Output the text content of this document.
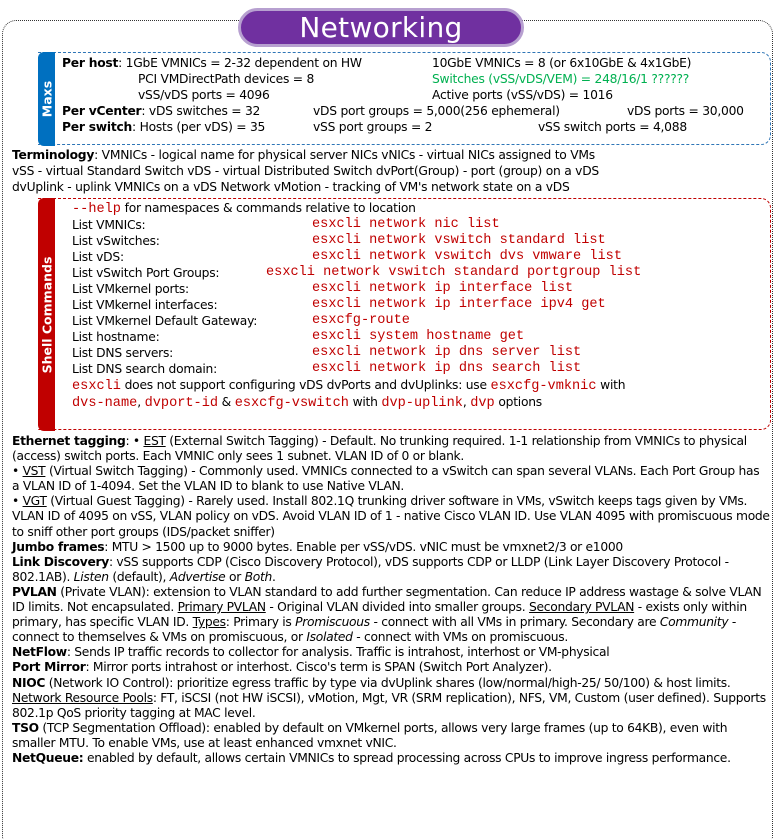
Networking
Maxs
Per host: 1GbE VMNICs = 2-32 dependent on HW	10GbE VMNICs = 8 (or 6x10GbE & 4x1GbE)
PCI VMDirectPath devices = 8	Switches (vSS/vDS/VEM) = 248/16/1 ??????
vSS/vDS ports = 4096	Active ports (vSS/vDS) = 1016
Per vCenter: vDS switches = 32	vDS port groups = 5,000(256 ephemeral)	vDS ports = 30,000
Per switch: Hosts (per vDS) = 35	vSS port groups = 2	vSS switch ports = 4,088
Terminology: VMNICs - logical name for physical server NICs vNICs - virtual NICs assigned to VMs
vSS - virtual Standard Switch vDS - virtual Distributed Switch dvPort(Group) - port (group) on a vDS
dvUplink - uplink VMNICs on a vDS Network vMotion - tracking of VM's network state on a vDS
Shell Commands
--help for namespaces & commands relative to location
List VMNICs:	esxcli network nic list
List vSwitches:	esxcli network vswitch standard list
List vDS:	esxcli network vswitch dvs vmware list
List vSwitch Port Groups:	esxcli network vswitch standard portgroup list
List VMkernel ports:	esxcli network ip interface list
List VMkernel interfaces:	esxcli network ip interface ipv4 get
List VMkernel Default Gateway:	esxcfg-route
List hostname:	esxcli system hostname get
List DNS servers:	esxcli network ip dns server list
List DNS search domain:	esxcli network ip dns search list
esxcli does not support configuring vDS dvPorts and dvUplinks: use esxcfg-vmknic with
dvs-name, dvport-id & esxcfg-vswitch with dvp-uplink, dvp options
Ethernet tagging: • EST (External Switch Tagging) - Default. No trunking required. 1-1 relationship from VMNICs to physical (access) switch ports. Each VMNIC only sees 1 subnet. VLAN ID of 0 or blank.
• VST (Virtual Switch Tagging) - Commonly used. VMNICs connected to a vSwitch can span several VLANs. Each Port Group has a VLAN ID of 1-4094. Set the VLAN ID to blank to use Native VLAN.
• VGT (Virtual Guest Tagging) - Rarely used. Install 802.1Q trunking driver software in VMs, vSwitch keeps tags given by VMs. VLAN ID of 4095 on vSS, VLAN policy on vDS. Avoid VLAN ID of 1 - native Cisco VLAN ID. Use VLAN 4095 with promiscuous mode to sniff other port groups (IDS/packet sniffer)
Jumbo frames: MTU > 1500 up to 9000 bytes. Enable per vSS/vDS. vNIC must be vmxnet2/3 or e1000
Link Discovery: vSS supports CDP (Cisco Discovery Protocol), vDS supports CDP or LLDP (Link Layer Discovery Protocol - 802.1AB). Listen (default), Advertise or Both.
PVLAN (Private VLAN): extension to VLAN standard to add further segmentation. Can reduce IP address wastage & solve VLAN ID limits. Not encapsulated. Primary PVLAN - Original VLAN divided into smaller groups. Secondary PVLAN - exists only within primary, has specific VLAN ID. Types: Primary is Promiscuous - connect with all VMs in primary. Secondary are Community - connect to themselves & VMs on promiscuous, or Isolated - connect with VMs on promiscuous.
NetFlow: Sends IP traffic records to collector for analysis. Traffic is intrahost, interhost or VM-physical
Port Mirror: Mirror ports intrahost or interhost. Cisco's term is SPAN (Switch Port Analyzer).
NIOC (Network IO Control): prioritize egress traffic by type via dvUplink shares (low/normal/high-25/ 50/100) & host limits. Network Resource Pools: FT, iSCSI (not HW iSCSI), vMotion, Mgt, VR (SRM replication), NFS, VM, Custom (user defined). Supports 802.1p QoS priority tagging at MAC level.
TSO (TCP Segmentation Offload): enabled by default on VMkernel ports, allows very large frames (up to 64KB), even with smaller MTU. To enable VMs, use at least enhanced vmxnet vNIC.
NetQueue: enabled by default, allows certain VMNICs to spread processing across CPUs to improve ingress performance.
